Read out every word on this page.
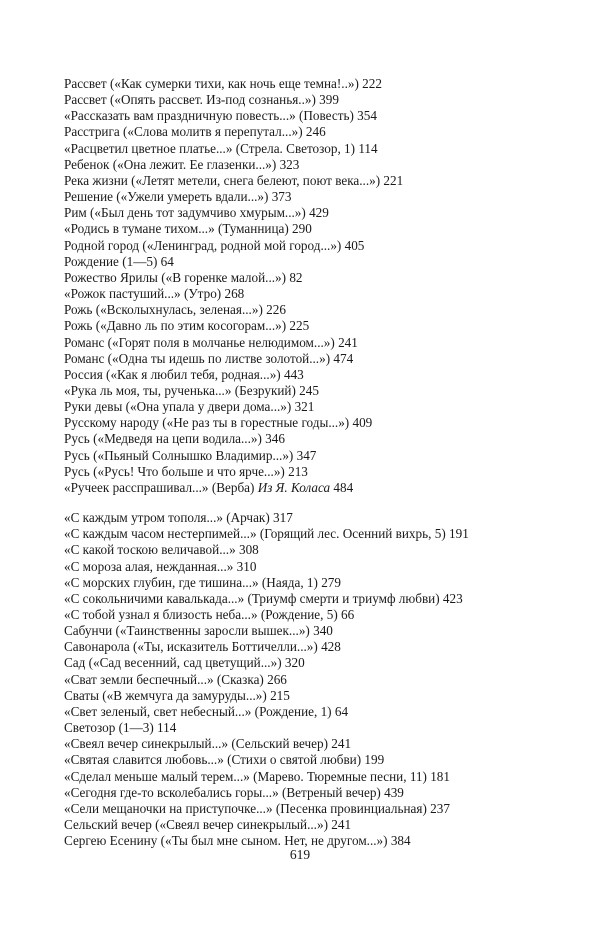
Рассвет («Как сумерки тихи, как ночь еще темна!..») 222
Рассвет («Опять рассвет. Из-под сознанья..») 399
«Рассказать вам праздничную повесть...» (Повесть) 354
Расстрига («Слова молитв я перепутал...») 246
«Расцветил цветное платье...» (Стрела. Светозор, 1) 114
Ребенок («Она лежит. Ее глазенки...») 323
Река жизни («Летят метели, снега белеют, поют века...») 221
Решение («Ужели умереть вдали...») 373
Рим («Был день тот задумчиво хмурым...») 429
«Родись в тумане тихом...» (Туманница) 290
Родной город («Ленинград, родной мой город...») 405
Рождение (1—5) 64
Рожество Ярилы («В горенке малой...») 82
«Рожок пастуший...» (Утро) 268
Рожь («Всколыхнулась, зеленая...») 226
Рожь («Давно ль по этим косогорам...») 225
Романс («Горят поля в молчанье нелюдимом...») 241
Романс («Одна ты идешь по листве золотой...») 474
Россия («Как я любил тебя, родная...») 443
«Рука ль моя, ты, рученька...» (Безрукий) 245
Руки девы («Она упала у двери дома...») 321
Русскому народу («Не раз ты в горестные годы...») 409
Русь («Медведя на цепи водила...») 346
Русь («Пьяный Солнышко Владимир...») 347
Русь («Русь! Что больше и что ярче...») 213
«Ручеек расспрашивал...» (Верба) Из Я. Коласа 484
«С каждым утром тополя...» (Арчак) 317
«С каждым часом нестерпимей...» (Горящий лес. Осенний вихрь, 5) 191
«С какой тоскою величавой...» 308
«С мороза алая, нежданная...» 310
«С морских глубин, где тишина...» (Наяда, 1) 279
«С сокольничими кавалькада...» (Триумф смерти и триумф любви) 423
«С тобой узнал я близость неба...» (Рождение, 5) 66
Сабунчи («Таинственны заросли вышек...») 340
Савонарола («Ты, исказитель Боттичелли...») 428
Сад («Сад весенний, сад цветущий...») 320
«Сват земли беспечный...» (Сказка) 266
Сваты («В жемчуга да замуруды...») 215
«Свет зеленый, свет небесный...» (Рождение, 1) 64
Светозор (1—3) 114
«Свеял вечер синекрылый...» (Сельский вечер) 241
«Святая славится любовь...» (Стихи о святой любви) 199
«Сделал меньше малый терем...» (Марево. Тюремные песни, 11) 181
«Сегодня где-то всколебались горы...» (Ветреный вечер) 439
«Сели мещаночки на приступочке...» (Песенка провинциальная) 237
Сельский вечер («Свеял вечер синекрылый...») 241
Сергею Есенину («Ты был мне сыном. Нет, не другом...») 384
619
